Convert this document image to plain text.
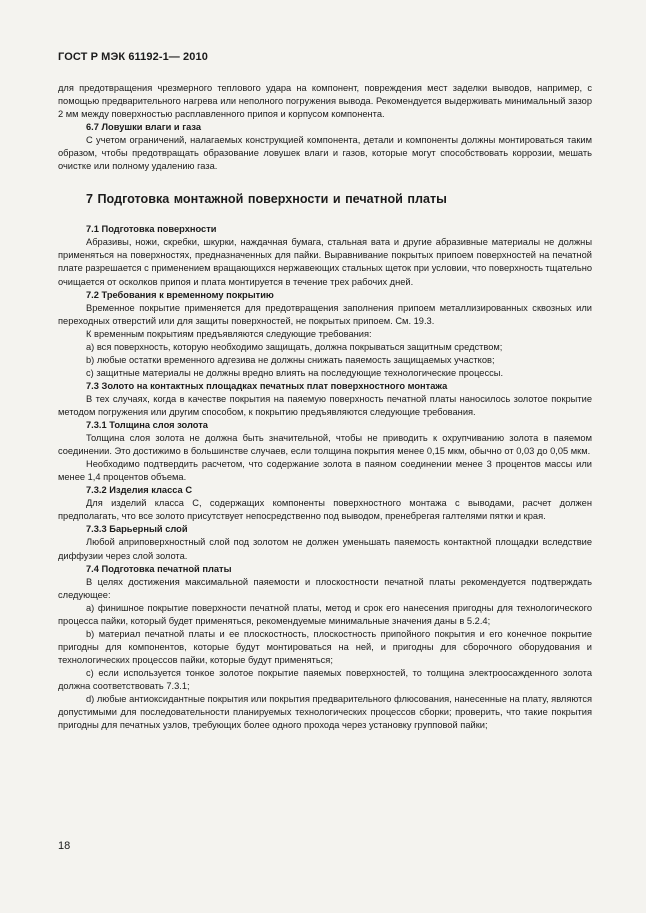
ГОСТ Р МЭК 61192-1— 2010

для предотвращения чрезмерного теплового удара на компонент, повреждения мест заделки выводов, например, с помощью предварительного нагрева или неполного погружения вывода. Рекомендуется выдерживать минимальный зазор 2 мм между поверхностью расплавленного припоя и корпусом компонента.

6.7 Ловушки влаги и газа

С учетом ограничений, налагаемых конструкцией компонента, детали и компоненты должны монтироваться таким образом, чтобы предотвращать образование ловушек влаги и газов, которые могут способствовать коррозии, мешать очистке или полному удалению газа.

7 Подготовка монтажной поверхности и печатной платы

7.1 Подготовка поверхности

Абразивы, ножи, скребки, шкурки, наждачная бумага, стальная вата и другие абразивные материалы не должны применяться на поверхностях, предназначенных для пайки. Выравнивание покрытых припоем поверхностей на печатной плате разрешается с применением вращающихся нержавеющих стальных щеток при условии, что поверхность тщательно очищается от осколков припоя и плата монтируется в течение трех рабочих дней.

7.2 Требования к временному покрытию

Временное покрытие применяется для предотвращения заполнения припоем металлизированных сквозных или переходных отверстий или для защиты поверхностей, не покрытых припоем. См. 19.3.

К временным покрытиям предъявляются следующие требования:

а) вся поверхность, которую необходимо защищать, должна покрываться защитным средством;

b) любые остатки временного адгезива не должны снижать паяемость защищаемых участков;

с) защитные материалы не должны вредно влиять на последующие технологические процессы.

7.3 Золото на контактных площадках печатных плат поверхностного монтажа

В тех случаях, когда в качестве покрытия на паяемую поверхность печатной платы наносилось золотое покрытие методом погружения или другим способом, к покрытию предъявляются следующие требования.

7.3.1 Толщина слоя золота

Толщина слоя золота не должна быть значительной, чтобы не приводить к охрупчиванию золота в паяемом соединении. Это достижимо в большинстве случаев, если толщина покрытия менее 0,15 мкм, обычно от 0,03 до 0,05 мкм.

Необходимо подтвердить расчетом, что содержание золота в паяном соединении менее 3 процентов массы или менее 1,4 процентов объема.

7.3.2 Изделия класса С

Для изделий класса С, содержащих компоненты поверхностного монтажа с выводами, расчет должен предполагать, что все золото присутствует непосредственно под выводом, пренебрегая галтелями пятки и края.

7.3.3 Барьерный слой

Любой априповерхностный слой под золотом не должен уменьшать паяемость контактной площадки вследствие диффузии через слой золота.

7.4 Подготовка печатной платы

В целях достижения максимальной паяемости и плоскостности печатной платы рекомендуется подтверждать следующее:

а) финишное покрытие поверхности печатной платы, метод и срок его нанесения пригодны для технологического процесса пайки, который будет применяться, рекомендуемые минимальные значения даны в 5.2.4;

b) материал печатной платы и ее плоскостность, плоскостность припойного покрытия и его конечное покрытие пригодны для компонентов, которые будут монтироваться на ней, и пригодны для сборочного оборудования и технологических процессов пайки, которые будут применяться;

с) если используется тонкое золотое покрытие паяемых поверхностей, то толщина электроосажденного золота должна соответствовать 7.3.1;

d) любые антиоксидантные покрытия или покрытия предварительного флюсования, нанесенные на плату, являются допустимыми для последовательности планируемых технологических процессов сборки; проверить, что такие покрытия пригодны для печатных узлов, требующих более одного прохода через установку групповой пайки;

18
